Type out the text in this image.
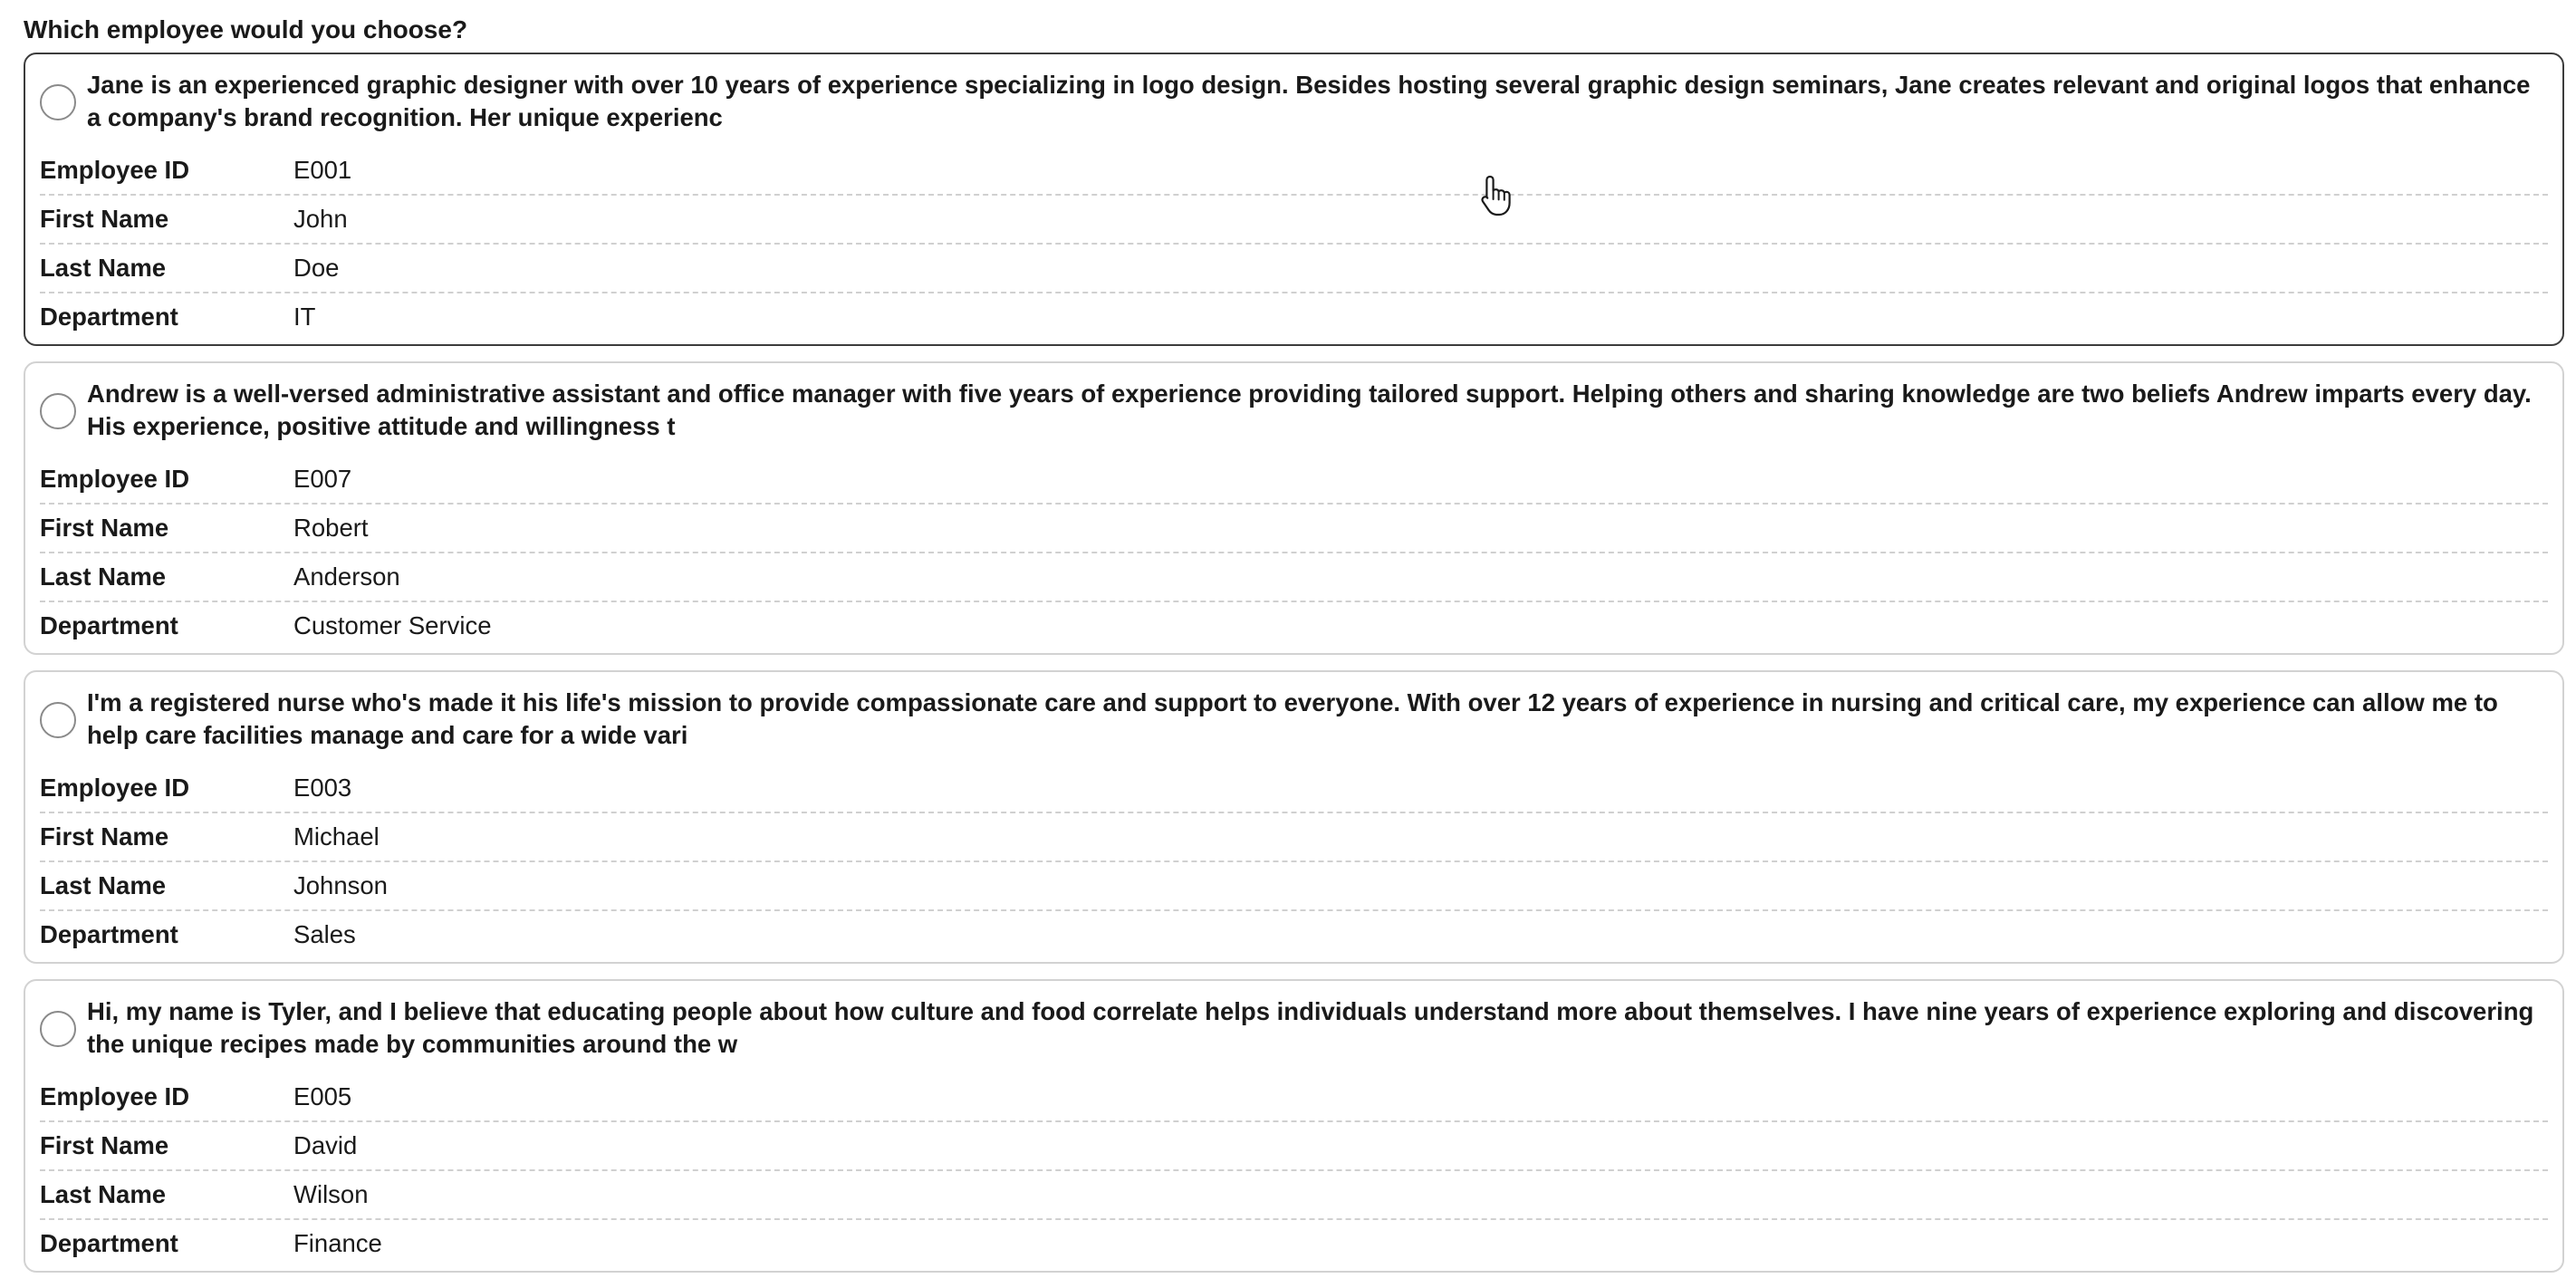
Which employee would you choose?
Jane is an experienced graphic designer with over 10 years of experience specializing in logo design. Besides hosting several graphic design seminars, Jane creates relevant and original logos that enhance a company's brand recognition. Her unique experienc
Employee ID	E001
First Name	John
Last Name	Doe
Department	IT
Andrew is a well-versed administrative assistant and office manager with five years of experience providing tailored support. Helping others and sharing knowledge are two beliefs Andrew imparts every day. His experience, positive attitude and willingness t
Employee ID	E007
First Name	Robert
Last Name	Anderson
Department	Customer Service
I'm a registered nurse who's made it his life's mission to provide compassionate care and support to everyone. With over 12 years of experience in nursing and critical care, my experience can allow me to help care facilities manage and care for a wide vari
Employee ID	E003
First Name	Michael
Last Name	Johnson
Department	Sales
Hi, my name is Tyler, and I believe that educating people about how culture and food correlate helps individuals understand more about themselves. I have nine years of experience exploring and discovering the unique recipes made by communities around the w
Employee ID	E005
First Name	David
Last Name	Wilson
Department	Finance
